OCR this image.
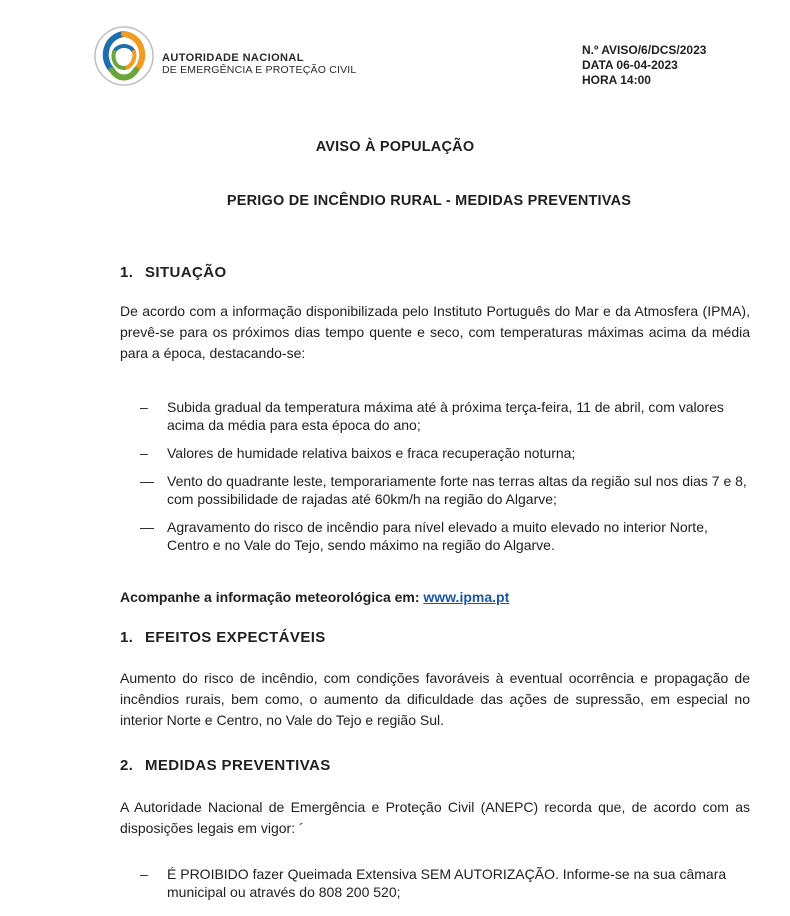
AUTORIDADE NACIONAL
DE EMERGÊNCIA E PROTEÇÃO CIVIL
N.º AVISO/6/DCS/2023
DATA 06-04-2023
HORA 14:00
AVISO À POPULAÇÃO
PERIGO DE INCÊNDIO RURAL - MEDIDAS PREVENTIVAS
1. SITUAÇÃO
De acordo com a informação disponibilizada pelo Instituto Português do Mar e da Atmosfera (IPMA), prevê-se para os próximos dias tempo quente e seco, com temperaturas máximas acima da média para a época, destacando-se:
– Subida gradual da temperatura máxima até à próxima terça-feira, 11 de abril, com valores acima da média para esta época do ano;
– Valores de humidade relativa baixos e fraca recuperação noturna;
— Vento do quadrante leste, temporariamente forte nas terras altas da região sul nos dias 7 e 8, com possibilidade de rajadas até 60km/h na região do Algarve;
— Agravamento do risco de incêndio para nível elevado a muito elevado no interior Norte, Centro e no Vale do Tejo, sendo máximo na região do Algarve.
Acompanhe a informação meteorológica em: www.ipma.pt
1. EFEITOS EXPECTÁVEIS
Aumento do risco de incêndio, com condições favoráveis à eventual ocorrência e propagação de incêndios rurais, bem como, o aumento da dificuldade das ações de supressão, em especial no interior Norte e Centro, no Vale do Tejo e região Sul.
2. MEDIDAS PREVENTIVAS
A Autoridade Nacional de Emergência e Proteção Civil (ANEPC) recorda que, de acordo com as disposições legais em vigor: ´
– É PROIBIDO fazer Queimada Extensiva SEM AUTORIZAÇÃO. Informe-se na sua câmara municipal ou através do 808 200 520;
